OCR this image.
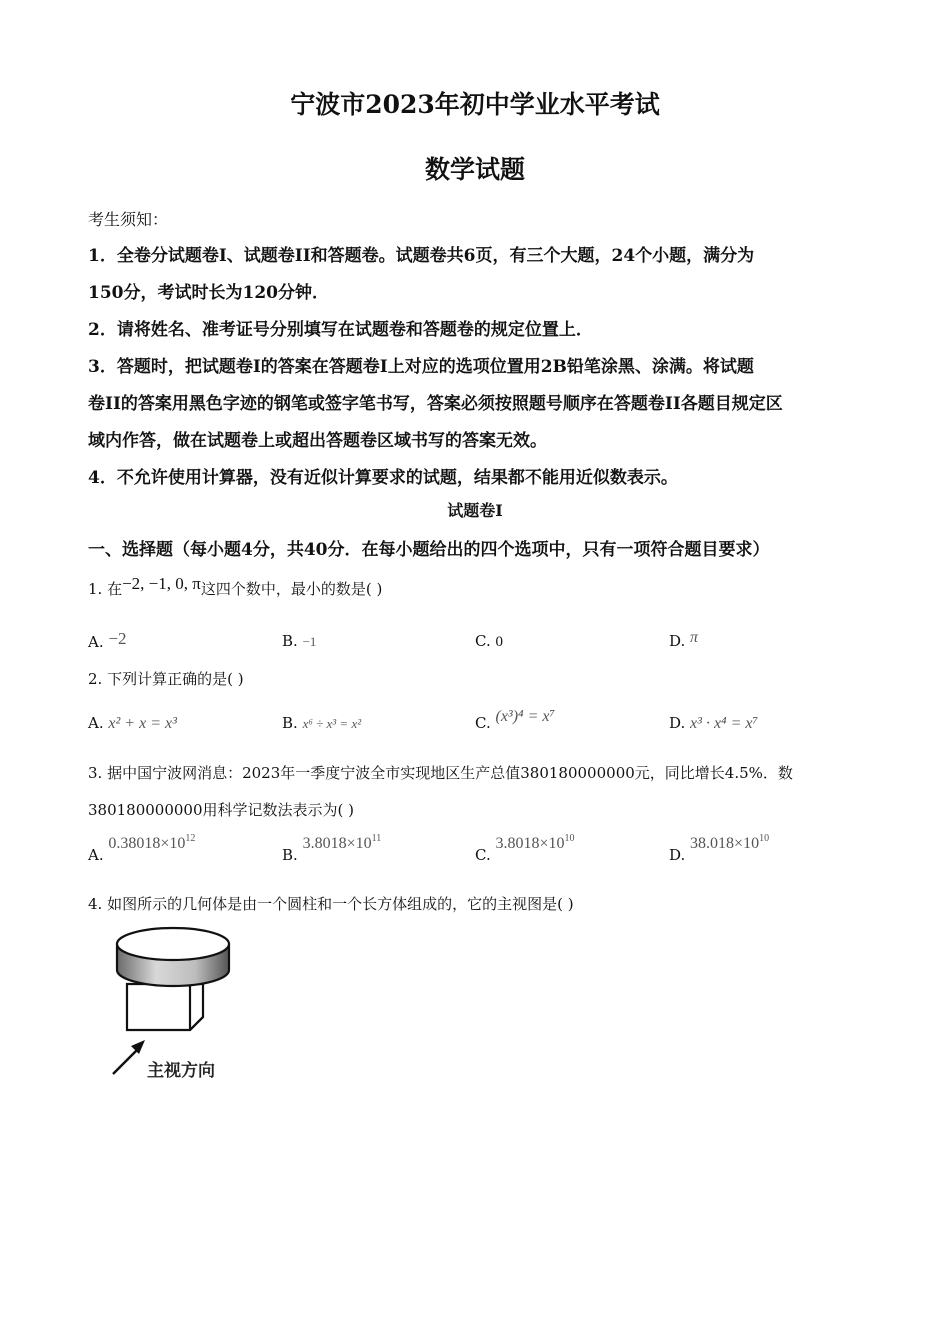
宁波市2023年初中学业水平考试
数学试题
考生须知：
1．全卷分试题卷I、试题卷II和答题卷。试题卷共6页，有三个大题，24个小题，满分为
150分，考试时长为120分钟．
2．请将姓名、准考证号分别填写在试题卷和答题卷的规定位置上．
3．答题时，把试题卷I的答案在答题卷I上对应的选项位置用2B铅笔涂黑、涂满。将试题
卷II的答案用黑色字迹的钢笔或签字笔书写，答案必须按照题号顺序在答题卷II各题目规定区
域内作答，做在试题卷上或超出答题卷区域书写的答案无效。
4．不允许使用计算器，没有近似计算要求的试题，结果都不能用近似数表示。
试题卷I
一、选择题（每小题4分，共40分．在每小题给出的四个选项中，只有一项符合题目要求）
1. 在−2, −1, 0, π这四个数中，最小的数是( )
A. −2	B. −1	C. 0	D. π
2. 下列计算正确的是( )
A. x² + x = x³	B. x⁶ ÷ x³ = x²	C. (x³)⁴ = x⁷	D. x³ · x⁴ = x⁷
3. 据中国宁波网消息：2023年一季度宁波全市实现地区生产总值380180000000元，同比增长4.5%．数
380180000000用科学记数法表示为( )
A. $0.38018\times 10^{12}$
B. $3.8018\times 10^{11}$
C. $3.8018\times 10^{10}$
D. $38.018\times 10^{10}$
4. 如图所示的几何体是由一个圆柱和一个长方体组成的，它的主视图是( )
主视方向
